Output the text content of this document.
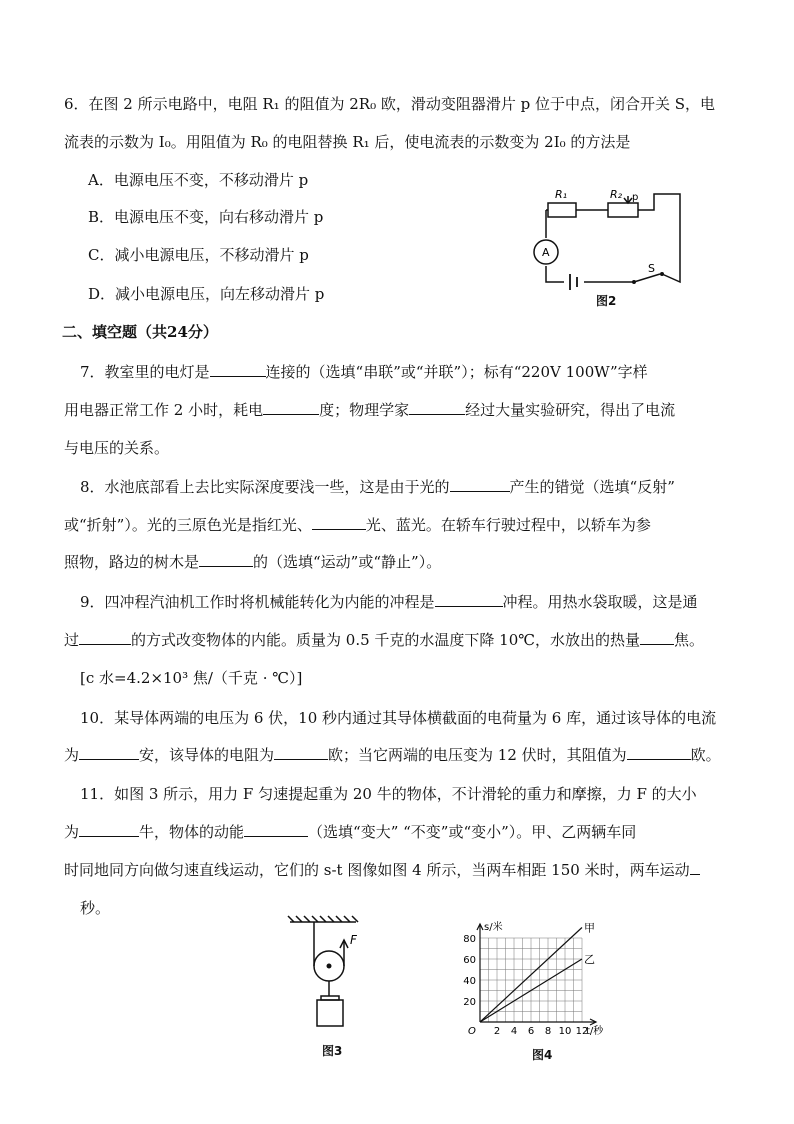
6．在图 2 所示电路中，电阻 R₁ 的阻值为 2R₀ 欧，滑动变阻器滑片 p 位于中点，闭合开关 S，电
流表的示数为 I₀。用阻值为 R₀ 的电阻替换 R₁ 后，使电流表的示数变为 2I₀ 的方法是
A．电源电压不变，不移动滑片 p
B．电源电压不变，向右移动滑片 p
C．减小电源电压，不移动滑片 p
D．减小电源电压，向左移动滑片 p
R₁	R₂ p
A
S
图2
二、填空题（共24分）
7．教室里的电灯是	连接的（选填“串联”或“并联”）；标有“220V 100W”字样
用电器正常工作 2 小时，耗电	度；物理学家	经过大量实验研究，得出了电流
与电压的关系。
8．水池底部看上去比实际深度要浅一些，这是由于光的	产生的错觉（选填“反射”
或“折射”）。光的三原色光是指红光、	光、蓝光。在轿车行驶过程中，以轿车为参
照物，路边的树木是	的（选填“运动”或“静止”）。
9．四冲程汽油机工作时将机械能转化为内能的冲程是	冲程。用热水袋取暖，这是通
过	的方式改变物体的内能。质量为 0.5 千克的水温度下降 10℃，水放出的热量 焦。
[c 水=4.2×10³ 焦/（千克 · ℃）]
10．某导体两端的电压为 6 伏，10 秒内通过其导体横截面的电荷量为 6 库，通过该导体的电流
为	安，该导体的电阻为	欧；当它两端的电压变为 12 伏时，其阻值为	欧。
11．如图 3 所示，用力 F 匀速提起重为 20 牛的物体，不计滑轮的重力和摩擦，力 F 的大小
为	牛，物体的动能	（选填“变大” “不变”或“变小”）。甲、乙两辆车同
时同地同方向做匀速直线运动，它们的 s-t 图像如图 4 所示，当两车相距 150 米时，两车运动
秒。
F
图3
2 4 6 8 10 12
20
40
60
80
O
s/米
t/秒
甲
乙
图4
